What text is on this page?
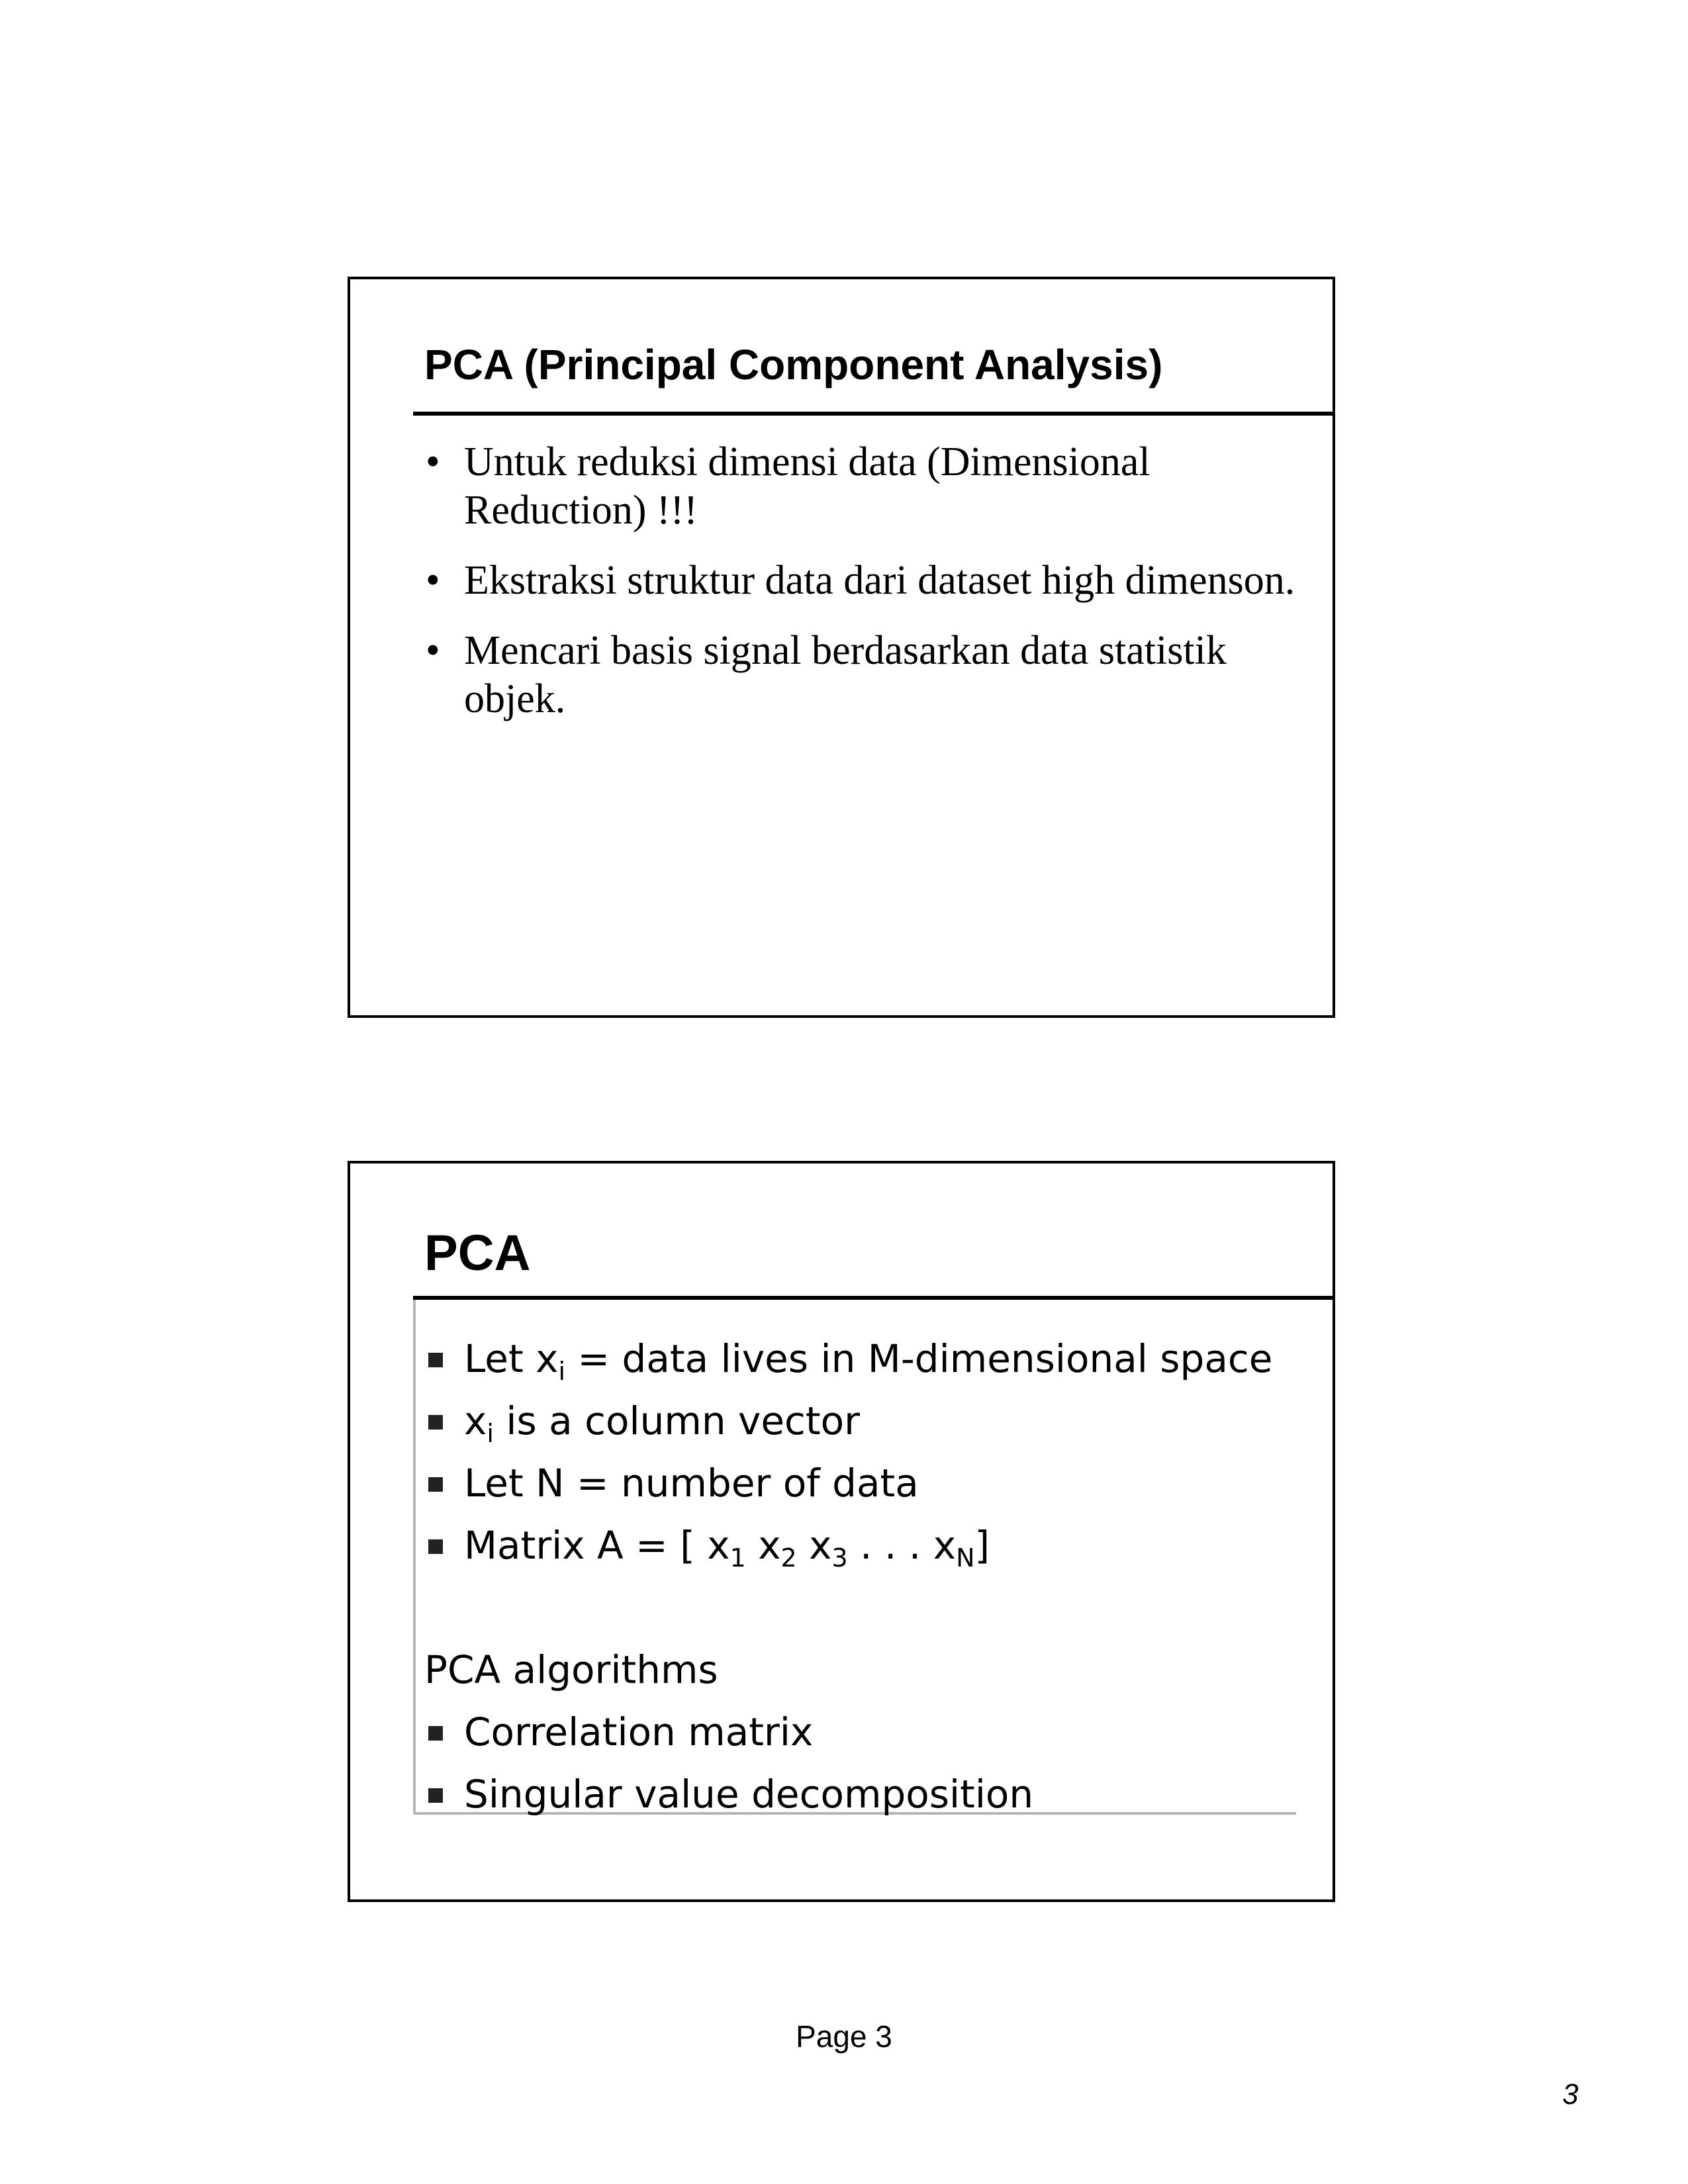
PCA (Principal Component Analysis)
• Untuk reduksi dimensi data (Dimensional Reduction) !!!
• Ekstraksi struktur data dari dataset high dimenson.
• Mencari basis signal berdasarkan data statistik objek.
PCA
Let $x_i$ = data lives in M-dimensional space
$x_i$ is a column vector
Let N = number of data
Matrix A = [ $x_1$ $x_2$ $x_3$ . . . $x_N$]
PCA algorithms
Correlation matrix
Singular value decomposition
Page 3
3
